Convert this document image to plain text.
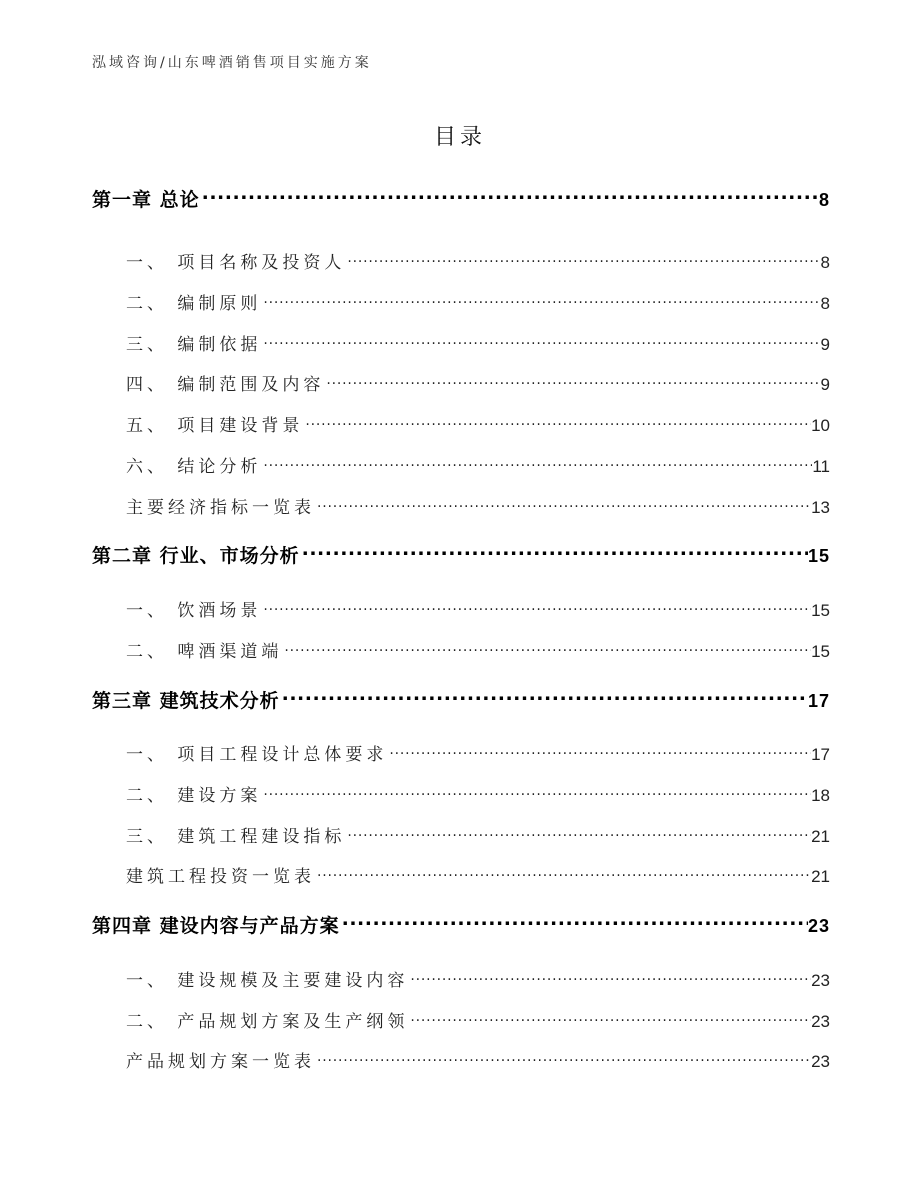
泓域咨询/山东啤酒销售项目实施方案
目录
第一章 总论 .....	8
一、 项目名称及投资人 .....	8
二、 编制原则 .....	8
三、 编制依据 .....	9
四、 编制范围及内容 .....	9
五、 项目建设背景 .....	10
六、 结论分析 .....	11
主要经济指标一览表 .....	13
第二章 行业、市场分析 .....	15
一、 饮酒场景 .....	15
二、 啤酒渠道端 .....	15
第三章 建筑技术分析 .....	17
一、 项目工程设计总体要求 .....	17
二、 建设方案 .....	18
三、 建筑工程建设指标 .....	21
建筑工程投资一览表 .....	21
第四章 建设内容与产品方案 .....	23
一、 建设规模及主要建设内容 .....	23
二、 产品规划方案及生产纲领 .....	23
产品规划方案一览表 .....	23
